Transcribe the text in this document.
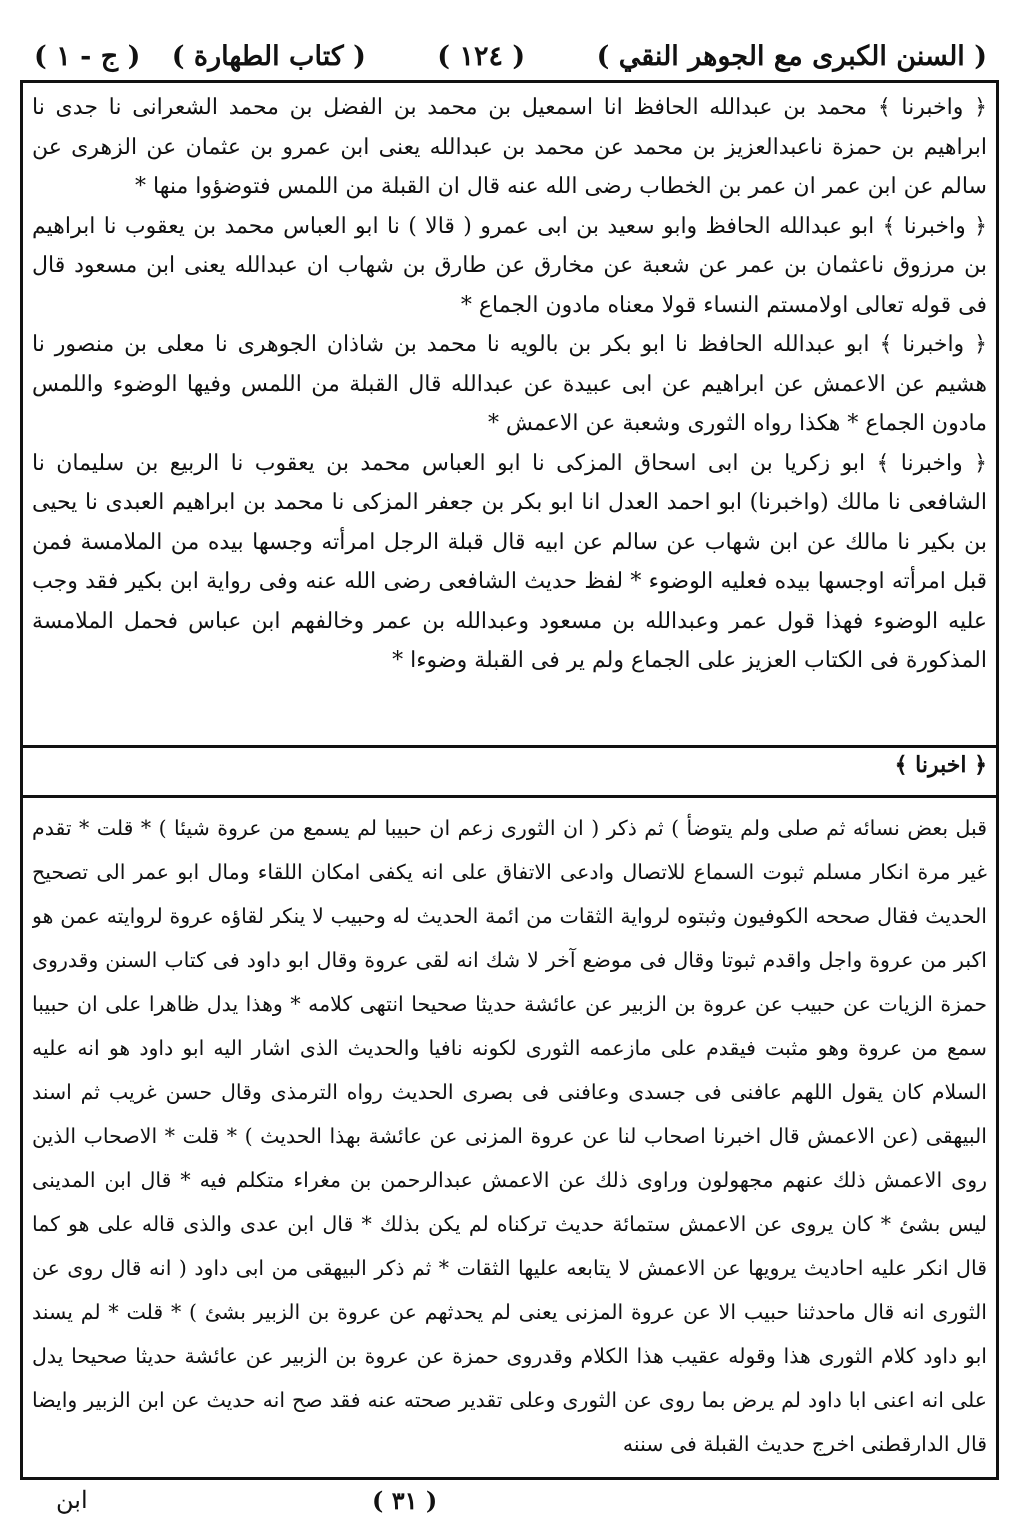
( السنن الكبرى مع الجوهر النقي )
( ١٢٤ )
( كتاب الطهارة )
( ج - ١ )

﴿ واخبرنا ﴾ محمد بن عبدالله الحافظ انا اسمعيل بن محمد بن الفضل بن محمد الشعرانى نا جدى نا ابراهيم بن حمزة ناعبدالعزيز بن محمد عن محمد بن عبدالله يعنى ابن عمرو بن عثمان عن الزهرى عن سالم عن ابن عمر ان عمر بن الخطاب رضى الله عنه قال ان القبلة من اللمس فتوضؤوا منها *

﴿ واخبرنا ﴾ ابو عبدالله الحافظ وابو سعيد بن ابى عمرو ( قالا ) نا ابو العباس محمد بن يعقوب نا ابراهيم بن مرزوق ناعثمان بن عمر عن شعبة عن مخارق عن طارق بن شهاب ان عبدالله يعنى ابن مسعود قال فى قوله تعالى اولامستم النساء قولا معناه مادون الجماع *

﴿ واخبرنا ﴾ ابو عبدالله الحافظ نا ابو بكر بن بالويه نا محمد بن شاذان الجوهرى نا معلى بن منصور نا هشيم عن الاعمش عن ابراهيم عن ابى عبيدة عن عبدالله قال القبلة من اللمس وفيها الوضوء واللمس مادون الجماع * هكذا رواه الثورى وشعبة عن الاعمش *

﴿ واخبرنا ﴾ ابو زكريا بن ابى اسحاق المزكى نا ابو العباس محمد بن يعقوب نا الربيع بن سليمان نا الشافعى نا مالك (واخبرنا) ابو احمد العدل انا ابو بكر بن جعفر المزكى نا محمد بن ابراهيم العبدى نا يحيى بن بكير نا مالك عن ابن شهاب عن سالم عن ابيه قال قبلة الرجل امرأته وجسها بيده من الملامسة فمن قبل امرأته اوجسها بيده فعليه الوضوء * لفظ حديث الشافعى رضى الله عنه وفى رواية ابن بكير فقد وجب عليه الوضوء فهذا قول عمر وعبدالله بن مسعود وعبدالله بن عمر وخالفهم ابن عباس فحمل الملامسة المذكورة فى الكتاب العزيز على الجماع ولم ير فى القبلة وضوءا *

﴿ اخبرنا ﴾

قبل بعض نسائه ثم صلى ولم يتوضأ ) ثم ذكر ( ان الثورى زعم ان حبيبا لم يسمع من عروة شيئا ) * قلت * تقدم غير مرة انكار مسلم ثبوت السماع للاتصال وادعى الاتفاق على انه يكفى امكان اللقاء ومال ابو عمر الى تصحيح الحديث فقال صححه الكوفيون وثبتوه لرواية الثقات من ائمة الحديث له وحبيب لا ينكر لقاؤه عروة لروايته عمن هو اكبر من عروة واجل واقدم ثبوتا وقال فى موضع آخر لا شك انه لقى عروة وقال ابو داود فى كتاب السنن وقدروى حمزة الزيات عن حبيب عن عروة بن الزبير عن عائشة حديثا صحيحا انتهى كلامه * وهذا يدل ظاهرا على ان حبيبا سمع من عروة وهو مثبت فيقدم على مازعمه الثورى لكونه نافيا والحديث الذى اشار اليه ابو داود هو انه عليه السلام كان يقول اللهم عافنى فى جسدى وعافنى فى بصرى الحديث رواه الترمذى وقال حسن غريب ثم اسند البيهقى (عن الاعمش قال اخبرنا اصحاب لنا عن عروة المزنى عن عائشة بهذا الحديث ) * قلت * الاصحاب الذين روى الاعمش ذلك عنهم مجهولون وراوى ذلك عن الاعمش عبدالرحمن بن مغراء متكلم فيه * قال ابن المدينى ليس بشئ * كان يروى عن الاعمش ستمائة حديث تركناه لم يكن بذلك * قال ابن عدى والذى قاله على هو كما قال انكر عليه احاديث يرويها عن الاعمش لا يتابعه عليها الثقات * ثم ذكر البيهقى من ابى داود ( انه قال روى عن الثورى انه قال ماحدثنا حبيب الا عن عروة المزنى يعنى لم يحدثهم عن عروة بن الزبير بشئ ) * قلت * لم يسند ابو داود كلام الثورى هذا وقوله عقيب هذا الكلام وقدروى حمزة عن عروة بن الزبير عن عائشة حديثا صحيحا يدل على انه اعنى ابا داود لم يرض بما روى عن الثورى وعلى تقدير صحته عنه فقد صح انه حديث عن ابن الزبير وايضا قال الدارقطنى اخرج حديث القبلة فى سننه

ابن	( ٣١ )
